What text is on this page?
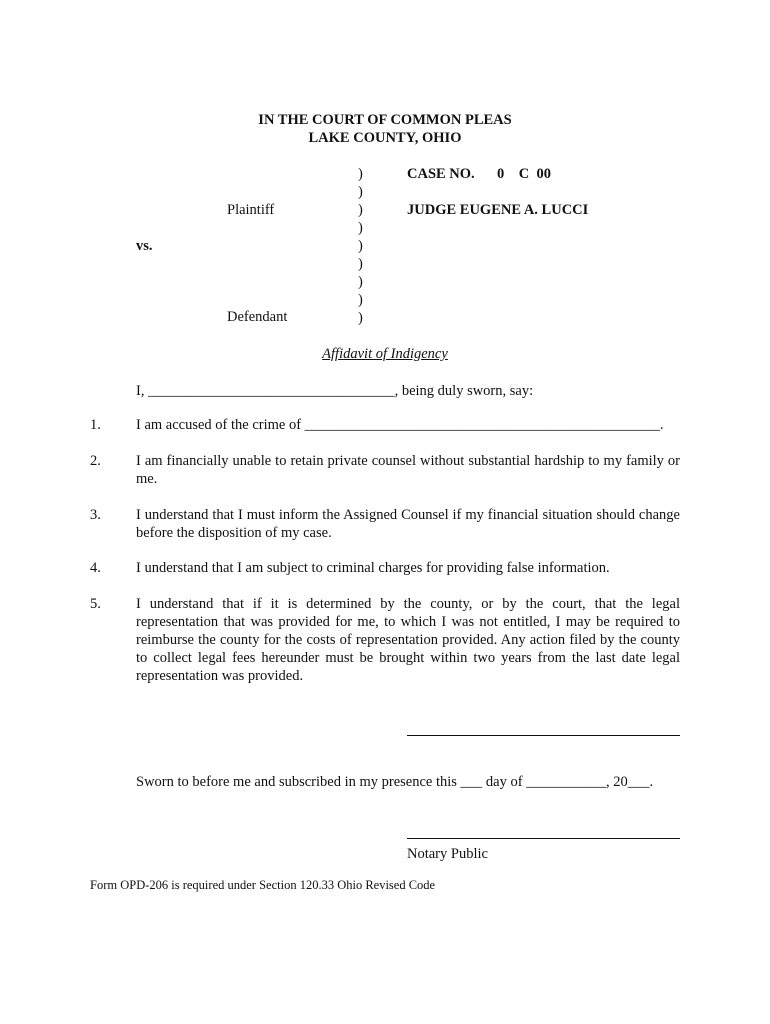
IN THE COURT OF COMMON PLEAS
LAKE COUNTY, OHIO
)
)
)
)
)
)
)
)
)
CASE NO. 0    C  00
JUDGE EUGENE A. LUCCI
Plaintiff
vs.
Defendant
Affidavit of Indigency
I, __________________________________, being duly sworn, say:
1. I am accused of the crime of _________________________________________________.
2. I am financially unable to retain private counsel without substantial hardship to my family or me.
3. I understand that I must inform the Assigned Counsel if my financial situation should change before the disposition of my case.
4. I understand that I am subject to criminal charges for providing false information.
5. I understand that if it is determined by the county, or by the court, that the legal representation that was provided for me, to which I was not entitled, I may be required to reimburse the county for the costs of representation provided. Any action filed by the county to collect legal fees hereunder must be brought within two years from the last date legal representation was provided.
Sworn to before me and subscribed in my presence this ___ day of ___________, 20___.
Notary Public
Form OPD-206 is required under Section 120.33 Ohio Revised Code
